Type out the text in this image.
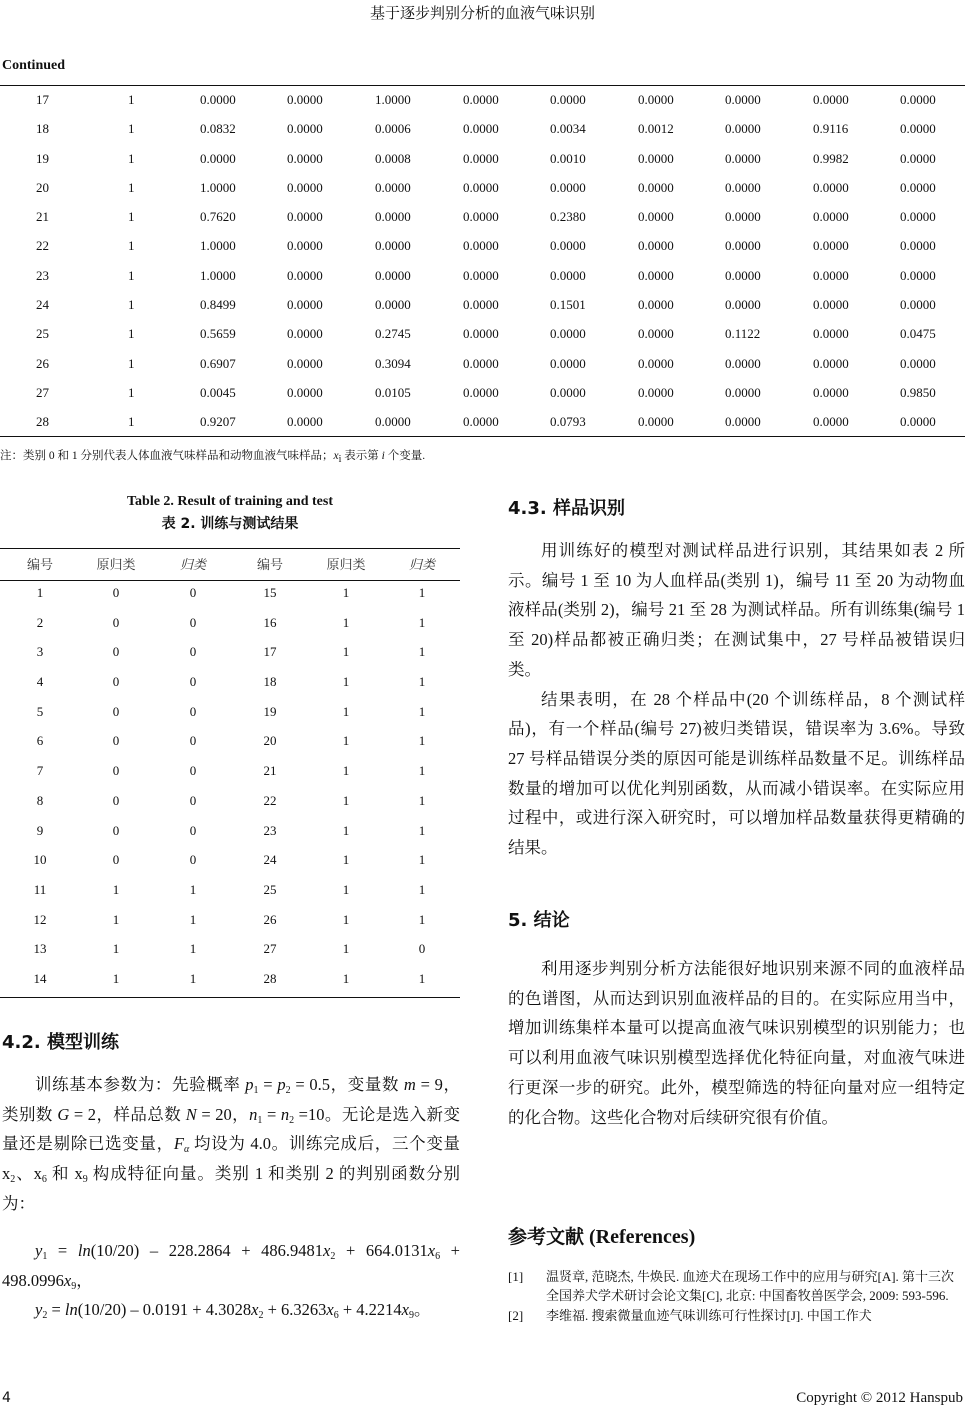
基于逐步判别分析的血液气味识别
Continued
17	1	0.0000	0.0000	1.0000	0.0000	0.0000	0.0000	0.0000	0.0000	0.0000
18	1	0.0832	0.0000	0.0006	0.0000	0.0034	0.0012	0.0000	0.9116	0.0000
19	1	0.0000	0.0000	0.0008	0.0000	0.0010	0.0000	0.0000	0.9982	0.0000
20	1	1.0000	0.0000	0.0000	0.0000	0.0000	0.0000	0.0000	0.0000	0.0000
21	1	0.7620	0.0000	0.0000	0.0000	0.2380	0.0000	0.0000	0.0000	0.0000
22	1	1.0000	0.0000	0.0000	0.0000	0.0000	0.0000	0.0000	0.0000	0.0000
23	1	1.0000	0.0000	0.0000	0.0000	0.0000	0.0000	0.0000	0.0000	0.0000
24	1	0.8499	0.0000	0.0000	0.0000	0.1501	0.0000	0.0000	0.0000	0.0000
25	1	0.5659	0.0000	0.2745	0.0000	0.0000	0.0000	0.1122	0.0000	0.0475
26	1	0.6907	0.0000	0.3094	0.0000	0.0000	0.0000	0.0000	0.0000	0.0000
27	1	0.0045	0.0000	0.0105	0.0000	0.0000	0.0000	0.0000	0.0000	0.9850
28	1	0.9207	0.0000	0.0000	0.0000	0.0793	0.0000	0.0000	0.0000	0.0000
注：类别 0 和 1 分别代表人体血液气味样品和动物血液气味样品；xi 表示第 i 个变量.
Table 2. Result of training and test
表 2. 训练与测试结果
编号	原归类	归类	编号	原归类	归类
1	0	0	15	1	1
2	0	0	16	1	1
3	0	0	17	1	1
4	0	0	18	1	1
5	0	0	19	1	1
6	0	0	20	1	1
7	0	0	21	1	1
8	0	0	22	1	1
9	0	0	23	1	1
10	0	0	24	1	1
11	1	1	25	1	1
12	1	1	26	1	1
13	1	1	27	1	0
14	1	1	28	1	1
4.2. 模型训练
训练基本参数为：先验概率 $p_1 = p_2 = 0.5$，变量数 m = 9，类别数 G = 2，样品总数 N = 20，$n_1 = n_2 =10$。无论是选入新变量还是剔除已选变量，$F_\alpha$ 均设为 4.0。训练完成后，三个变量 $x_2$、$x_6$ 和 $x_9$ 构成特征向量。类别 1 和类别 2 的判别函数分别为：
$y_1 = \ln(10/20) - 228.2864 + 486.9481x_2 + 664.0131x_6 + 498.0996x_9$，
$y_2 = \ln(10/20) - 0.0191 + 4.3028x_2 + 6.3263x_6 + 4.2214x_9$。
4.3. 样品识别
用训练好的模型对测试样品进行识别，其结果如表 2 所示。编号 1 至 10 为人血样品(类别 1)，编号 11 至 20 为动物血液样品(类别 2)，编号 21 至 28 为测试样品。所有训练集(编号 1 至 20)样品都被正确归类；在测试集中，27 号样品被错误归类。
结果表明，在 28 个样品中(20 个训练样品，8 个测试样品)，有一个样品(编号 27)被归类错误，错误率为 3.6%。导致 27 号样品错误分类的原因可能是训练样品数量不足。训练样品数量的增加可以优化判别函数，从而减小错误率。在实际应用过程中，或进行深入研究时，可以增加样品数量获得更精确的结果。
5. 结论
利用逐步判别分析方法能很好地识别来源不同的血液样品的色谱图，从而达到识别血液样品的目的。在实际应用当中，增加训练集样本量可以提高血液气味识别模型的识别能力；也可以利用血液气味识别模型选择优化特征向量，对血液气味进行更深一步的研究。此外，模型筛选的特征向量对应一组特定的化合物。这些化合物对后续研究很有价值。
参考文献 (References)
[1] 温贤章, 范晓杰, 牛焕民. 血迹犬在现场工作中的应用与研究[A]. 第十三次全国养犬学术研讨会论文集[C], 北京: 中国畜牧兽医学会, 2009: 593-596.
[2] 李维福. 搜索微量血迹气味训练可行性探讨[J]. 中国工作犬
4	Copyright © 2012 Hanspub
